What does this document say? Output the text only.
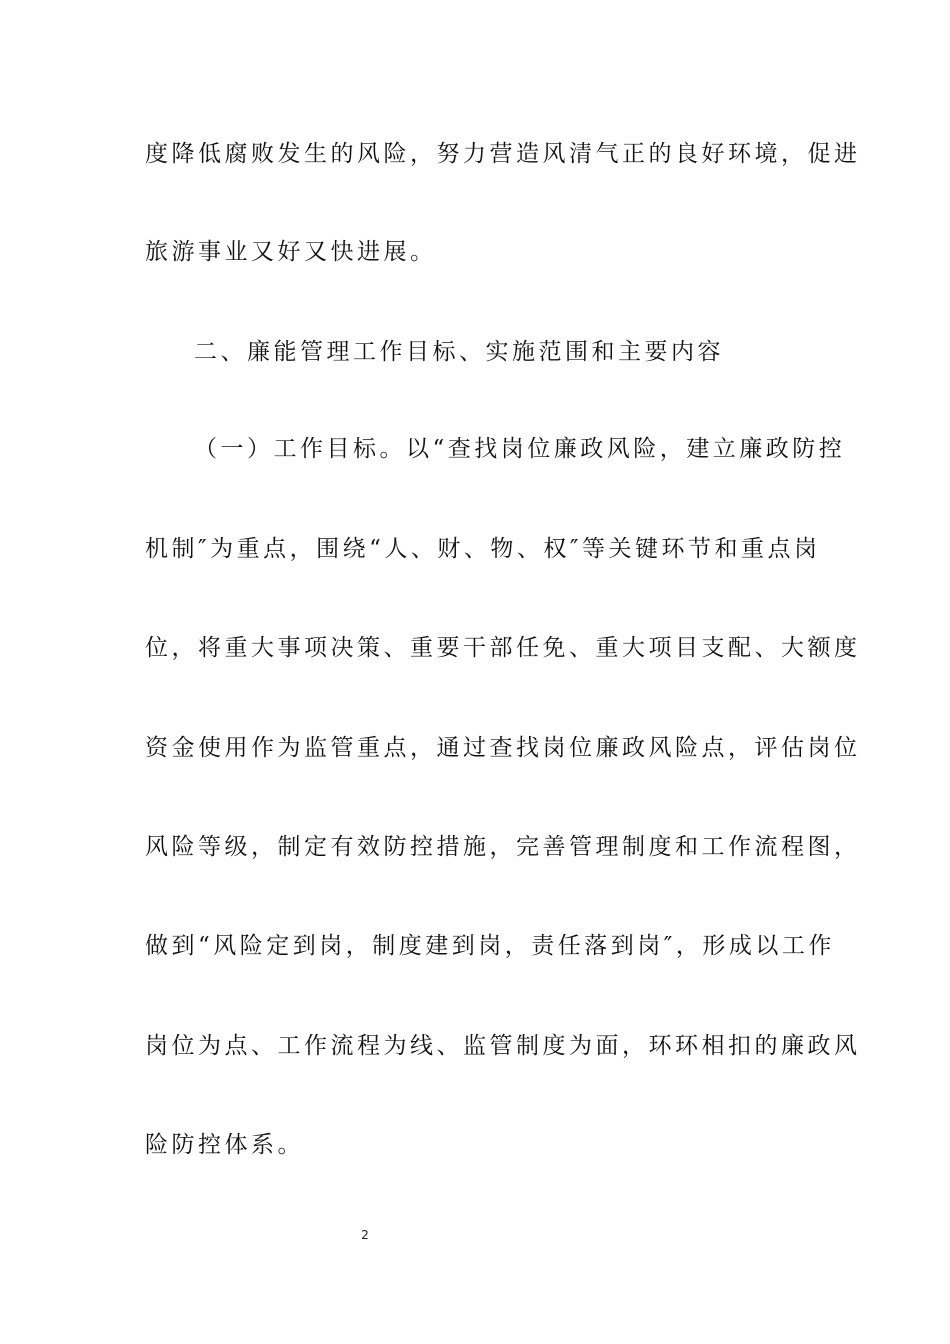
度降低腐败发生的风险，努力营造风清气正的良好环境，促进
旅游事业又好又快进展。
二、廉能管理工作目标、实施范围和主要内容
（一）工作目标。以“查找岗位廉政风险，建立廉政防控
机制″为重点，围绕“人、财、物、权″等关键环节和重点岗
位，将重大事项决策、重要干部任免、重大项目支配、大额度
资金使用作为监管重点，通过查找岗位廉政风险点，评估岗位
风险等级，制定有效防控措施，完善管理制度和工作流程图，
做到“风险定到岗，制度建到岗，责任落到岗″，形成以工作
岗位为点、工作流程为线、监管制度为面，环环相扣的廉政风
险防控体系。
2
